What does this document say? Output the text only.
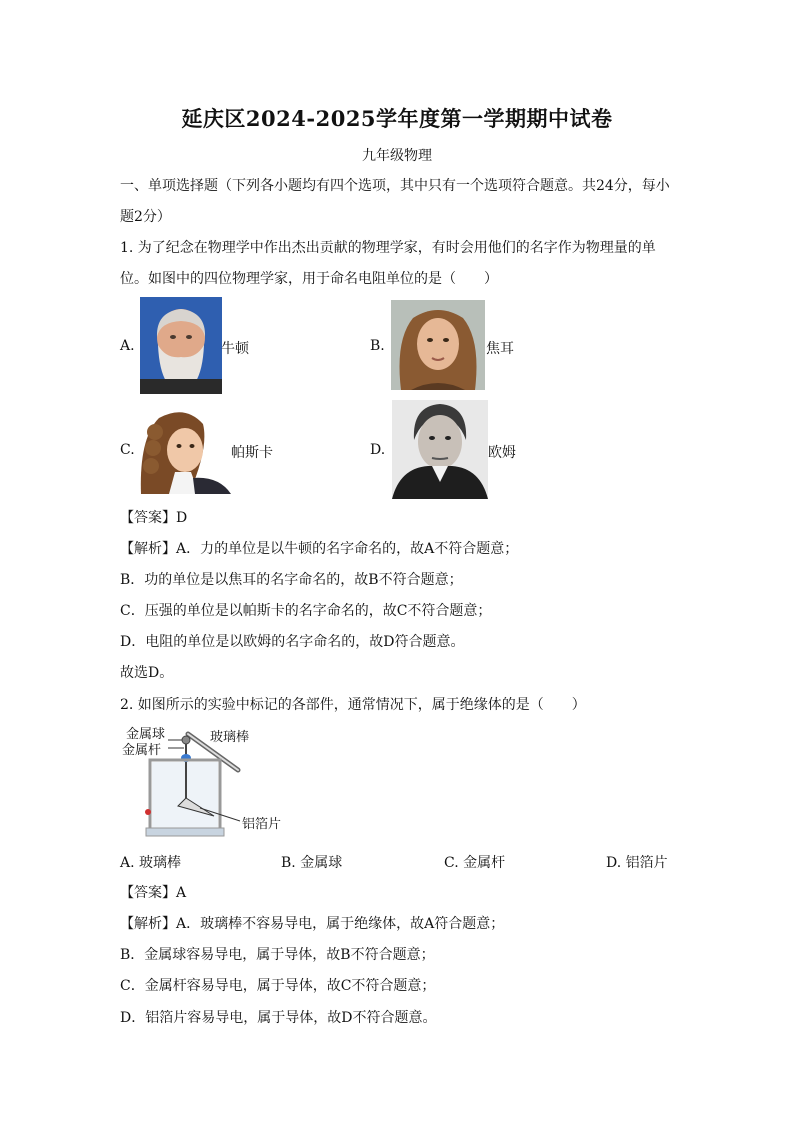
延庆区2024-2025学年度第一学期期中试卷
九年级物理
一、单项选择题（下列各小题均有四个选项，其中只有一个选项符合题意。共24分，每小
题2分）
1. 为了纪念在物理学中作出杰出贡献的物理学家，有时会用他们的名字作为物理量的单
位。如图中的四位物理学家，用于命名电阻单位的是（　　）
A.	牛顿	B.	焦耳
C.	帕斯卡	D.	欧姆
【答案】D
【解析】A．力的单位是以牛顿的名字命名的，故A不符合题意；
B．功的单位是以焦耳的名字命名的，故B不符合题意；
C．压强的单位是以帕斯卡的名字命名的，故C不符合题意；
D．电阻的单位是以欧姆的名字命名的，故D符合题意。
故选D。
2. 如图所示的实验中标记的各部件，通常情况下，属于绝缘体的是（　　）
金属球
金属杆
玻璃棒
铝箔片
A. 玻璃棒	B. 金属球	C. 金属杆	D. 铝箔片
【答案】A
【解析】A．玻璃棒不容易导电，属于绝缘体，故A符合题意；
B．金属球容易导电，属于导体，故B不符合题意；
C．金属杆容易导电，属于导体，故C不符合题意；
D．铝箔片容易导电，属于导体，故D不符合题意。
